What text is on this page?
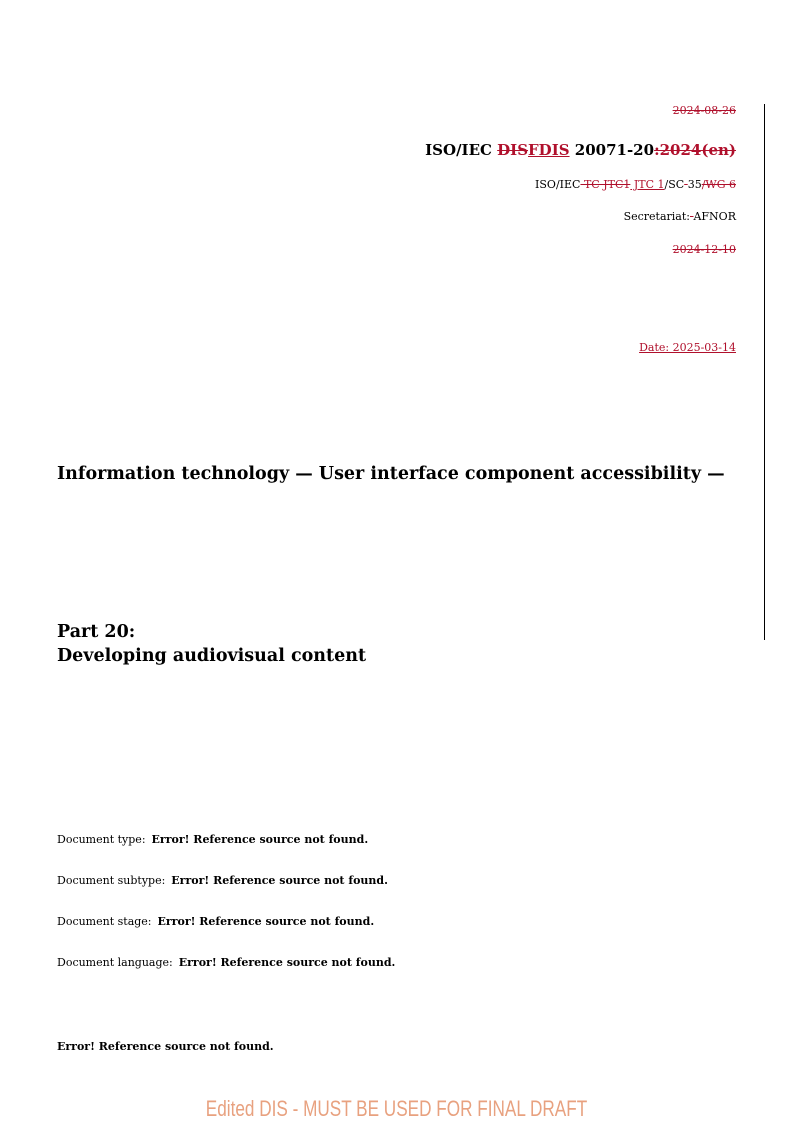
2024-08-26
ISO/IEC DISFDIS 20071-20:2024(en)
ISO/IEC TC JTC1 JTC 1/SC 35/WG 6
Secretariat: AFNOR
2024-12-10
Date: 2025-03-14
Information technology — User interface component accessibility —
Part 20:
Developing audiovisual content
Document type: Error! Reference source not found.
Document subtype: Error! Reference source not found.
Document stage: Error! Reference source not found.
Document language: Error! Reference source not found.
Error! Reference source not found.
Edited DIS - MUST BE USED FOR FINAL DRAFT
